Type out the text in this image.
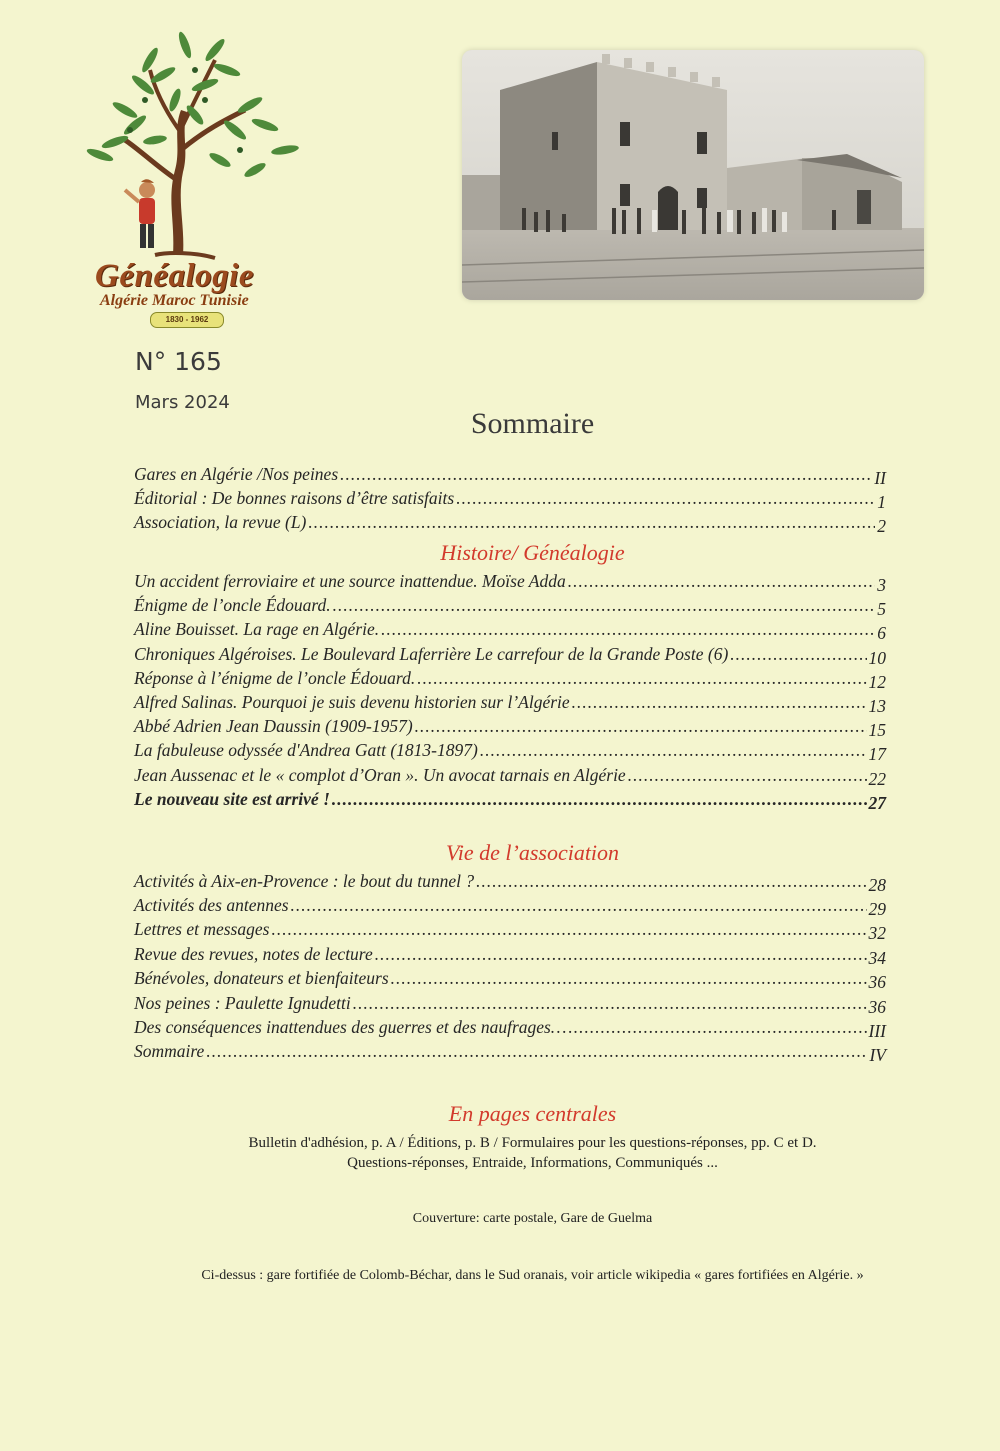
Généalogie
Algérie Maroc Tunisie
1830 - 1962
N° 165
Mars 2024
Sommaire
Gares en Algérie /Nos peines .....	II
Éditorial : De bonnes raisons d’être satisfaits .....	1
Association, la revue (L) .....	2
Histoire/ Généalogie
Un accident ferroviaire et une source inattendue. Moïse Adda .....	3
Énigme de l’oncle Édouard. .....	5
Aline Bouisset. La rage en Algérie. .....	6
Chroniques Algéroises. Le Boulevard Laferrière Le carrefour de la Grande Poste (6) .....	10
Réponse à l’énigme de l’oncle Édouard. .....	12
Alfred Salinas. Pourquoi je suis devenu historien sur l’Algérie .....	13
Abbé Adrien Jean Daussin (1909-1957) .....	15
La fabuleuse odyssée d'Andrea Gatt (1813-1897) .....	17
Jean Aussenac et le « complot d’Oran ». Un avocat tarnais en Algérie .....	22
Le nouveau site est arrivé ! .....	27
Vie de l’association
Activités à Aix-en-Provence : le bout du tunnel ? .....	28
Activités des antennes .....	29
Lettres et messages .....	32
Revue des revues, notes de lecture .....	34
Bénévoles, donateurs et bienfaiteurs .....	36
Nos peines : Paulette Ignudetti .....	36
Des conséquences inattendues des guerres et des naufrages… .....	III
Sommaire .....	IV
En pages centrales
Bulletin d'adhésion, p. A / Éditions, p. B / Formulaires pour les questions-réponses, pp. C et D.
Questions-réponses, Entraide, Informations, Communiqués ...
Couverture: carte postale, Gare de Guelma
Ci-dessus : gare fortifiée de Colomb-Béchar, dans le Sud oranais, voir article wikipedia « gares fortifiées en Algérie. »
